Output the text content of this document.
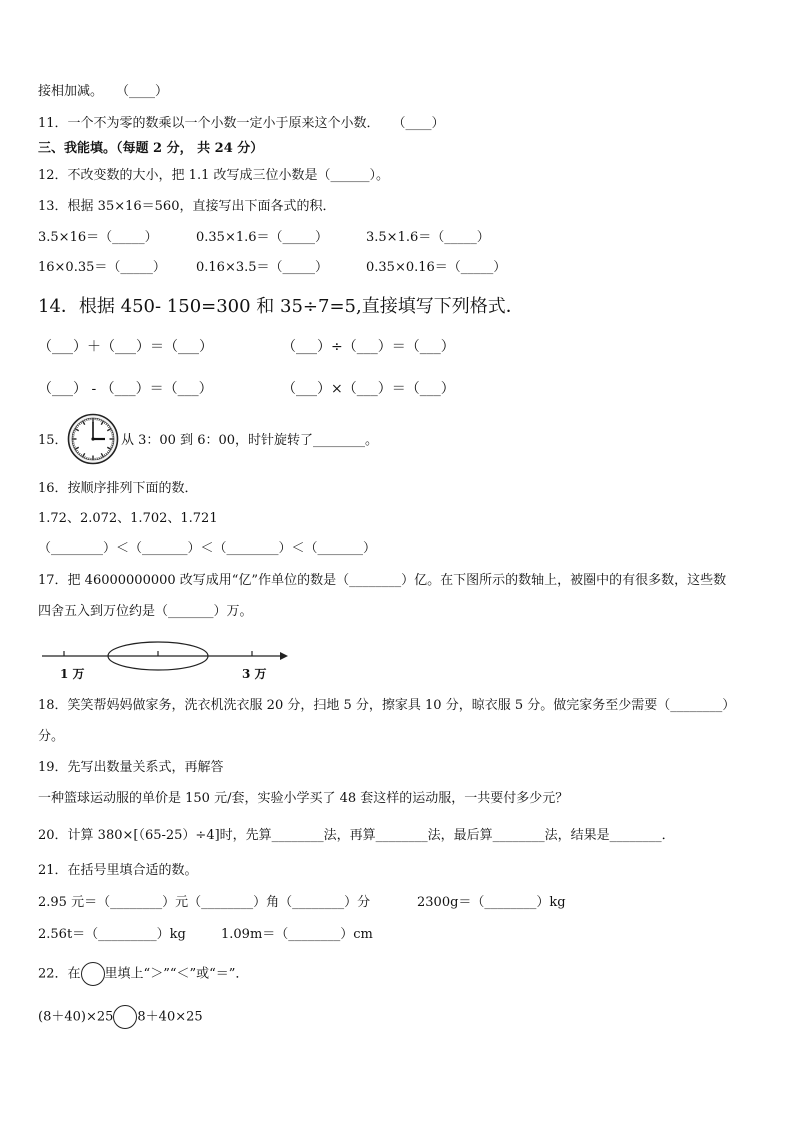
接相加减。　　（____）
11．一个不为零的数乘以一个小数一定小于原来这个小数．　　（____）
三、我能填。（每题 2 分， 共 24 分）
12．不改变数的大小，把 1.1 改写成三位小数是（______）。
13．根据 35×16＝560，直接写出下面各式的积．
3.5×16＝（_____）	0.35×1.6＝（_____）	3.5×1.6＝（_____）
16×0.35＝（_____） 0.16×3.5＝（_____）	0.35×0.16＝（_____）
14．根据 450- 150=300 和 35÷7=5,直接填写下列格式．
（___）＋（___）＝（___）	（___）÷（___）＝（___）
（___） - （___）＝（___）	（___）×（___）＝（___）
15．	从 3：00 到 6：00，时针旋转了________。
16．按顺序排列下面的数．
1.72、2.072、1.702、1.721
（________）＜（_______）＜（________）＜（_______）
17．把 46000000000 改写成用“亿”作单位的数是（________）亿。在下图所示的数轴上，被圈中的有很多数，这些数
四舍五入到万位约是（_______）万。
1 万	3 万
18．笑笑帮妈妈做家务，洗衣机洗衣服 20 分，扫地 5 分，擦家具 10 分，晾衣服 5 分。做完家务至少需要（________）
分。
19．先写出数量关系式，再解答
一种篮球运动服的单价是 150 元/套，实验小学买了 48 套这样的运动服，一共要付多少元？
20．计算 380×[（65-25）÷4]时，先算________法，再算________法，最后算________法，结果是________．
21．在括号里填合适的数。
2.95 元＝（________）元（________）角（________）分	2300g＝（________）kg
2.56t＝（_________）kg	1.09m＝（________）cm
22．在 里填上“＞”“＜”或“＝”．
(8＋40)×25 8＋40×25
